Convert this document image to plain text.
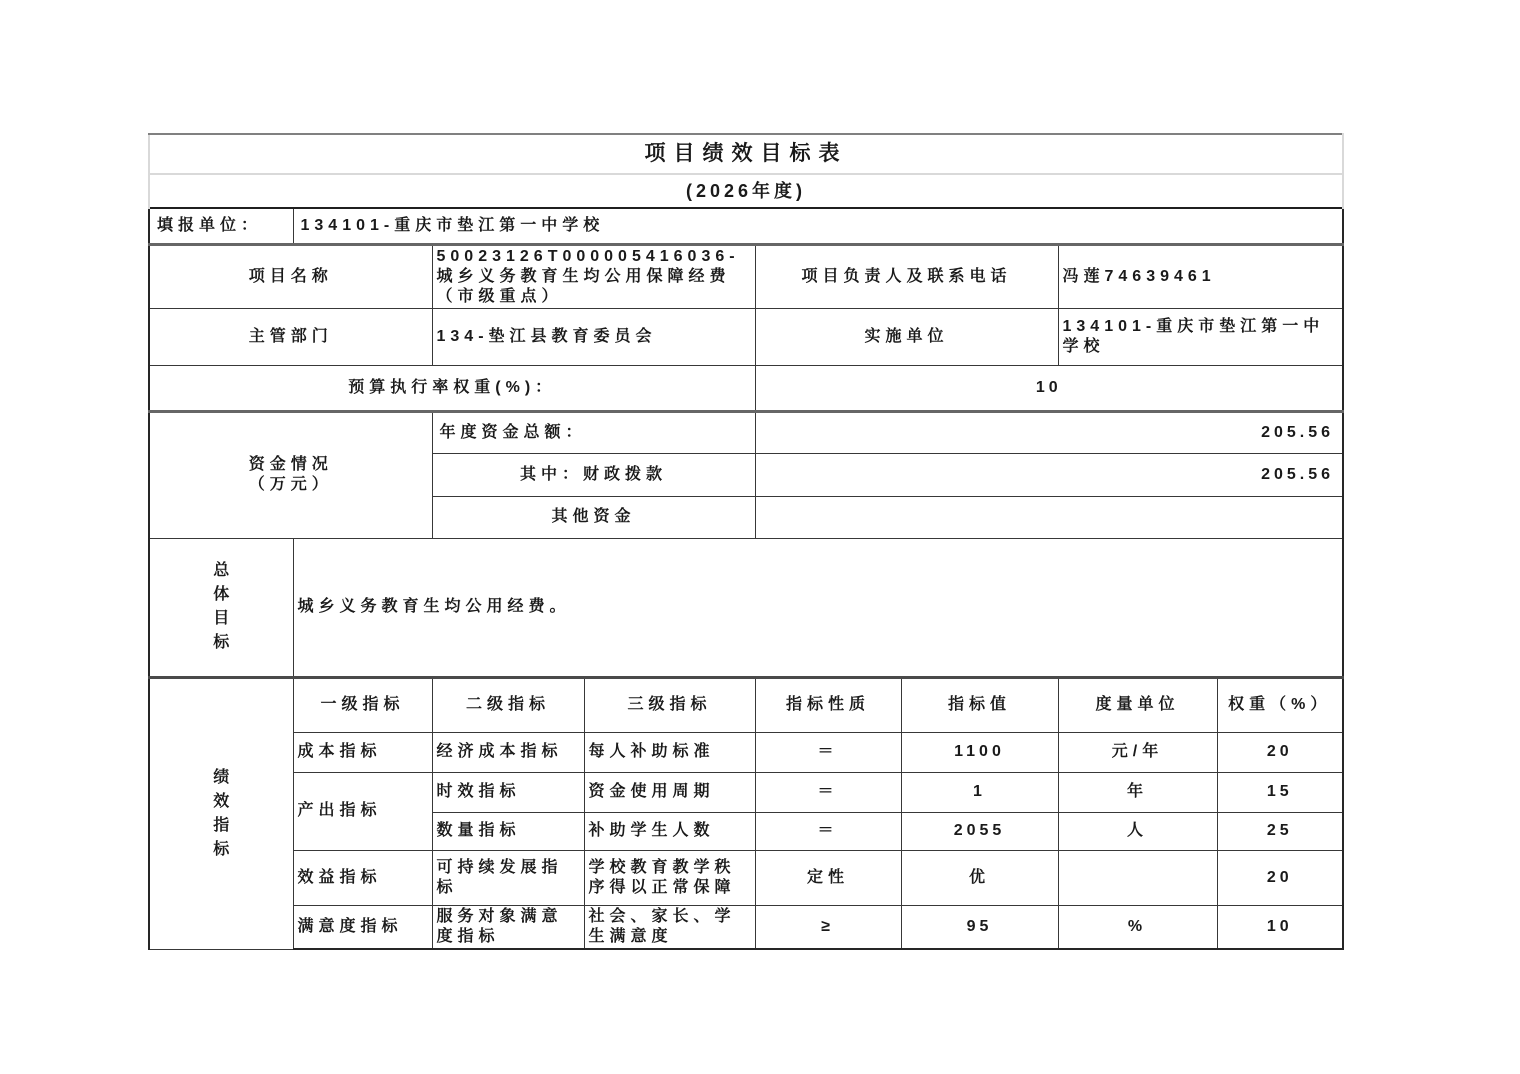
项目绩效目标表							
(2026年度)							
填报单位：	134101-重庆市垫江第一中学校						
项目名称		50023126T000005416036-城乡义务教育生均公用保障经费（市级重点）		项目负责人及联系电话		冯莲74639461	
主管部门		134-垫江县教育委员会		实施单位		134101-重庆市垫江第一中学校	
预算执行率权重(%)：				10			

资金情况
（万元）		年度资金总额：		205.56			
		其中：财政拨款		205.56			
		其他资金					
总体目标	城乡义务教育生均公用经费。						
绩效指标	一级指标	二级指标	三级指标	指标性质	指标值	度量单位	权重（%）
	成本指标	经济成本指标	每人补助标准	＝	1100	元/年	20
	产出指标	时效指标	资金使用周期	＝	1	年	15
		数量指标	补助学生人数	＝	2055	人	25
	效益指标	可持续发展指标	学校教育教学秩序得以正常保障	定性	优		20
	满意度指标	服务对象满意度指标	社会、家长、学生满意度	≥	95	%	10
